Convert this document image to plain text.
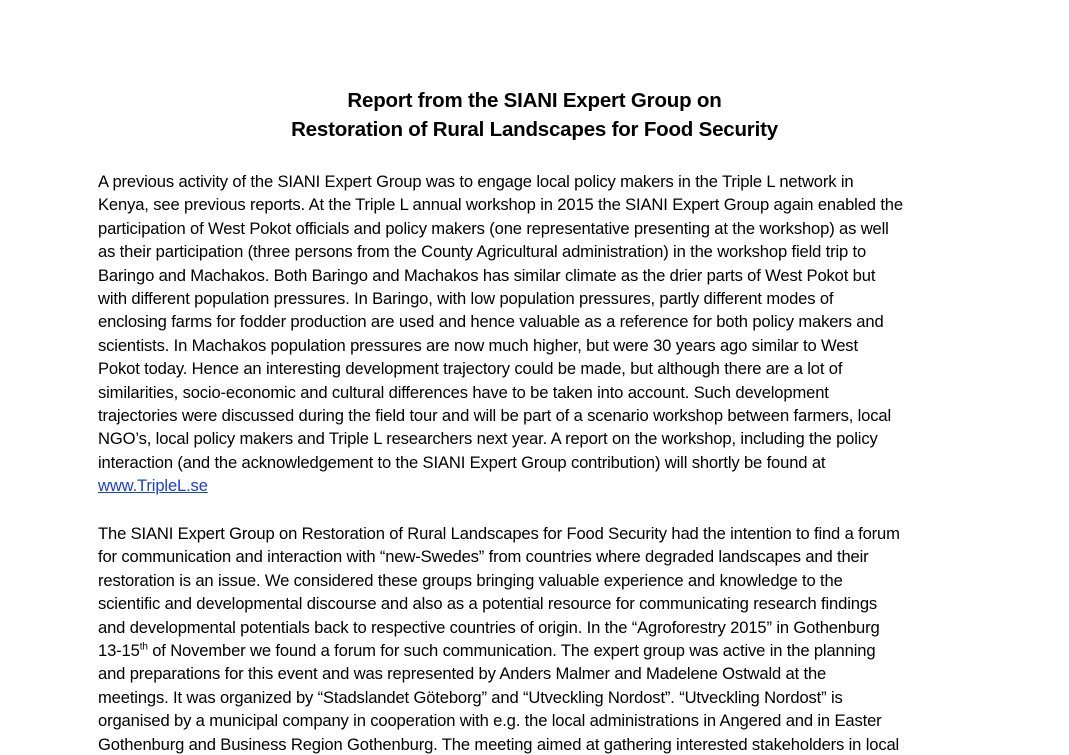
Report from the SIANI Expert Group on
Restoration of Rural Landscapes for Food Security
A previous activity of the SIANI Expert Group was to engage local policy makers in the Triple L network in
Kenya, see previous reports. At the Triple L annual workshop in 2015 the SIANI Expert Group again enabled the
participation of West Pokot officials and policy makers (one representative presenting at the workshop) as well
as their participation (three persons from the County Agricultural administration) in the workshop field trip to
Baringo and Machakos. Both Baringo and Machakos has similar climate as the drier parts of West Pokot but
with different population pressures. In Baringo, with low population pressures, partly different modes of
enclosing farms for fodder production are used and hence valuable as a reference for both policy makers and
scientists. In Machakos population pressures are now much higher, but were 30 years ago similar to West
Pokot today. Hence an interesting development trajectory could be made, but although there are a lot of
similarities, socio-economic and cultural differences have to be taken into account. Such development
trajectories were discussed during the field tour and will be part of a scenario workshop between farmers, local
NGO’s, local policy makers and Triple L researchers next year. A report on the workshop, including the policy
interaction (and the acknowledgement to the SIANI Expert Group contribution) will shortly be found at
www.TripleL.se
The SIANI Expert Group on Restoration of Rural Landscapes for Food Security had the intention to find a forum
for communication and interaction with “new-Swedes” from countries where degraded landscapes and their
restoration is an issue. We considered these groups bringing valuable experience and knowledge to the
scientific and developmental discourse and also as a potential resource for communicating research findings
and developmental potentials back to respective countries of origin. In the “Agroforestry 2015” in Gothenburg
13-15th of November we found a forum for such communication. The expert group was active in the planning
and preparations for this event and was represented by Anders Malmer and Madelene Ostwald at the
meetings. It was organized by “Stadslandet Göteborg” and “Utveckling Nordost”. “Utveckling Nordost” is
organised by a municipal company in cooperation with e.g. the local administrations in Angered and in Easter
Gothenburg and Business Region Gothenburg. The meeting aimed at gathering interested stakeholders in local
